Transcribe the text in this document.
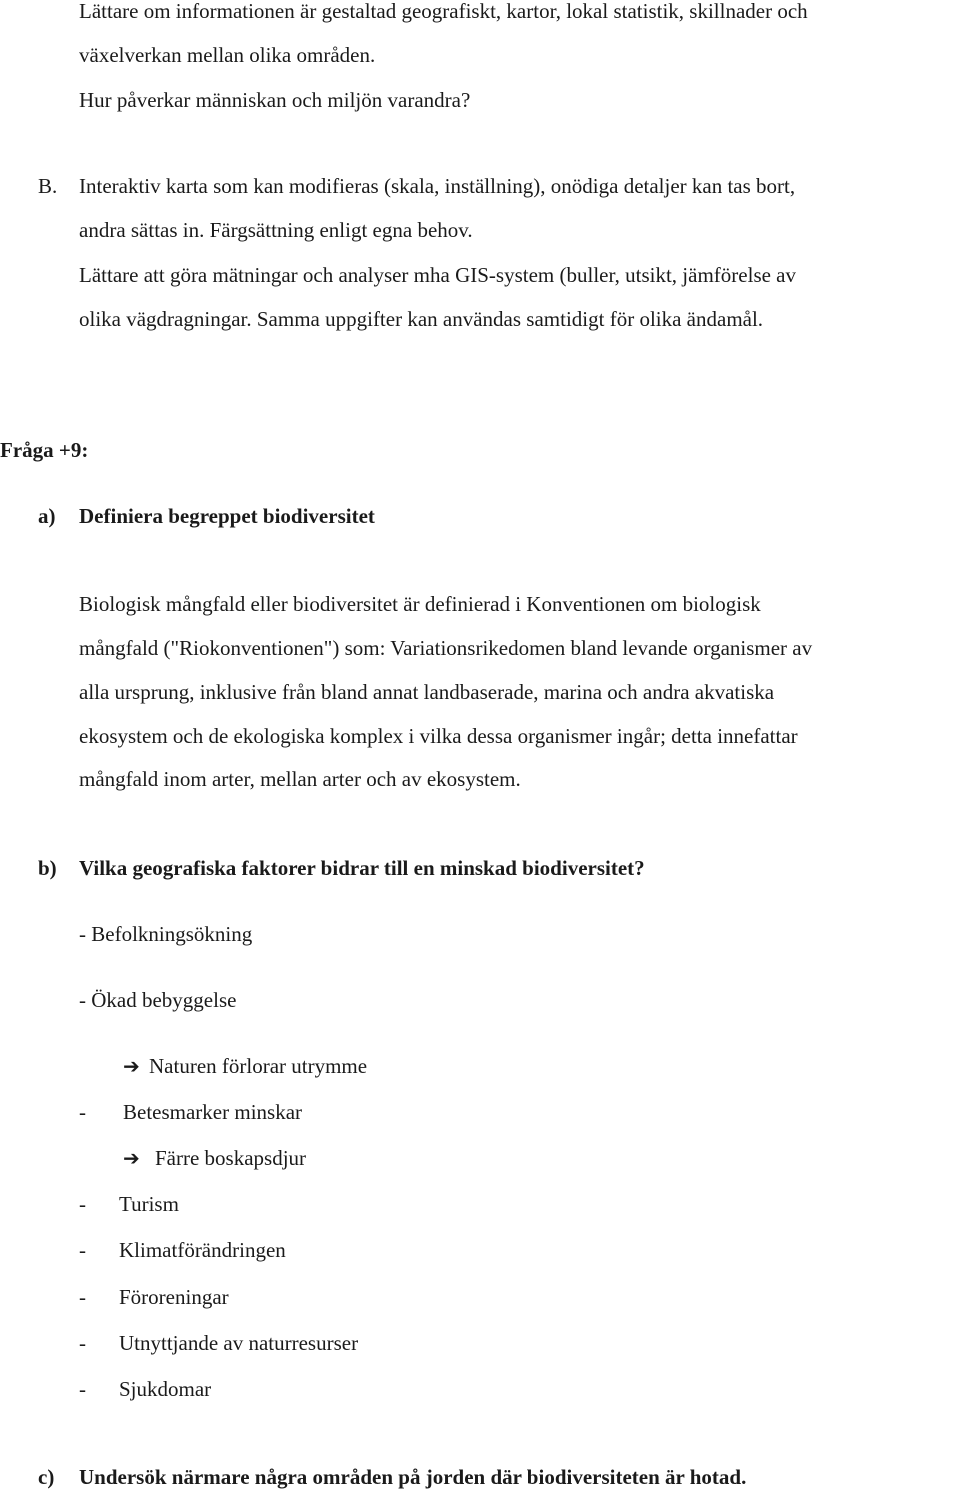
Lättare om informationen är gestaltad geografiskt, kartor, lokal statistik, skillnader och
växelverkan mellan olika områden.
Hur påverkar människan och miljön varandra?
B. Interaktiv karta som kan modifieras (skala, inställning), onödiga detaljer kan tas bort,
andra sättas in. Färgsättning enligt egna behov.
Lättare att göra mätningar och analyser mha GIS-system (buller, utsikt, jämförelse av
olika vägdragningar. Samma uppgifter kan användas samtidigt för olika ändamål.
Fråga +9:
a) Definiera begreppet biodiversitet
Biologisk mångfald eller biodiversitet är definierad i Konventionen om biologisk
mångfald ("Riokonventionen") som: Variationsrikedomen bland levande organismer av
alla ursprung, inklusive från bland annat landbaserade, marina och andra akvatiska
ekosystem och de ekologiska komplex i vilka dessa organismer ingår; detta innefattar
mångfald inom arter, mellan arter och av ekosystem.
b) Vilka geografiska faktorer bidrar till en minskad biodiversitet?
- Befolkningsökning
- Ökad bebyggelse
➔ Naturen förlorar utrymme
- Betesmarker minskar
➔ Färre boskapsdjur
- Turism
- Klimatförändringen
- Föroreningar
- Utnyttjande av naturresurser
- Sjukdomar
c) Undersök närmare några områden på jorden där biodiversiteten är hotad.
